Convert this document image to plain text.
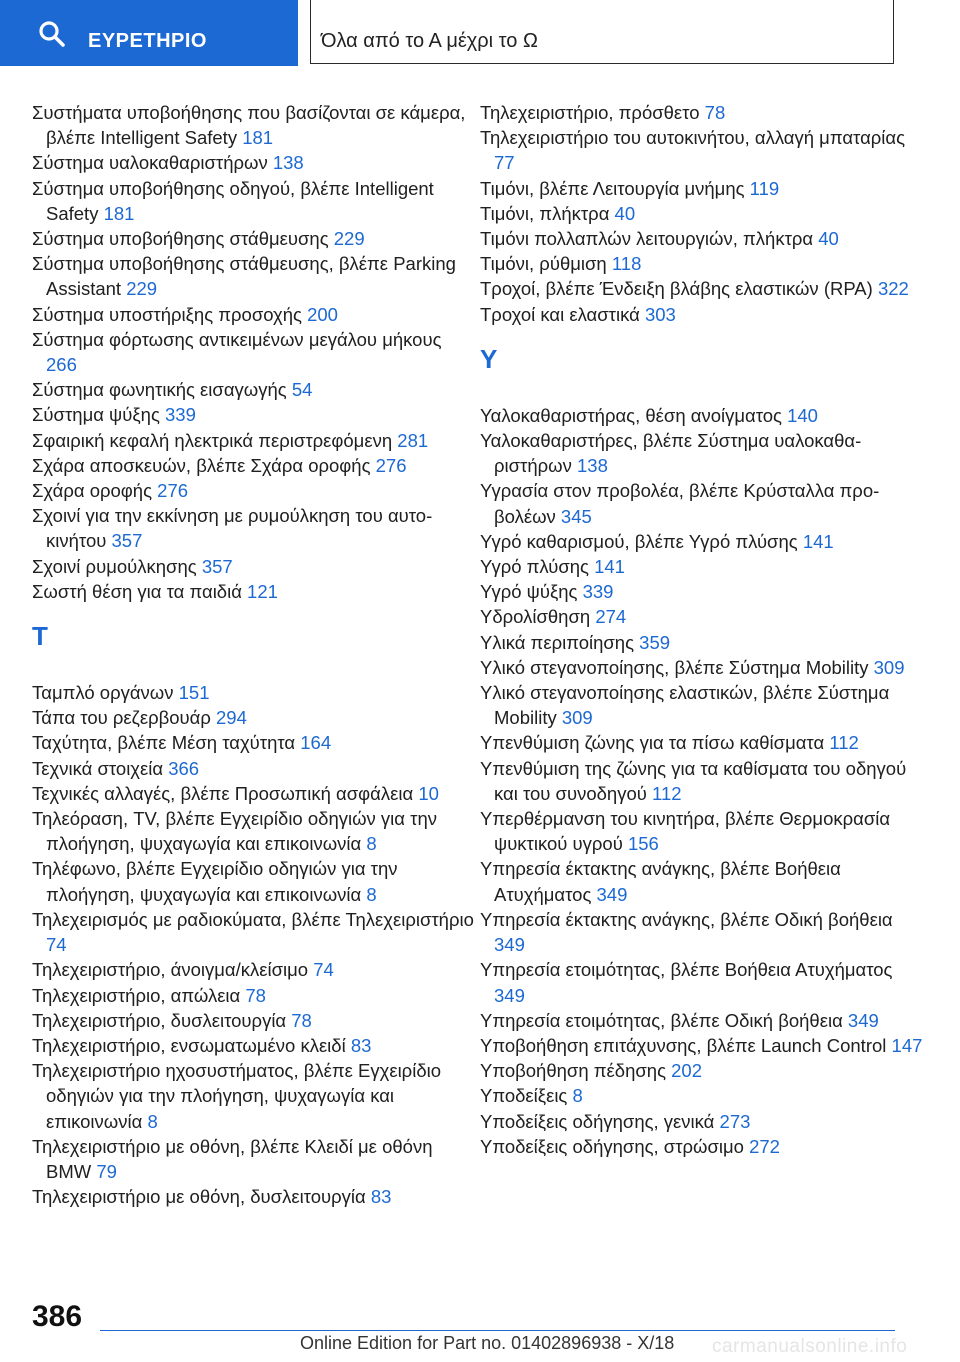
ΕΥΡΕΤΗΡΙΟ	Όλα από το Α μέχρι το Ω
Συστήματα υποβοήθησης που βασίζονται σε κάμερα, βλέπε Intelligent Safety 181
Σύστημα υαλοκαθαριστήρων 138
Σύστημα υποβοήθησης οδηγού, βλέπε Intelligent Safety 181
Σύστημα υποβοήθησης στάθμευσης 229
Σύστημα υποβοήθησης στάθμευσης, βλέπε Parking Assistant 229
Σύστημα υποστήριξης προσοχής 200
Σύστημα φόρτωσης αντικειμένων μεγάλου μήκους 266
Σύστημα φωνητικής εισαγωγής 54
Σύστημα ψύξης 339
Σφαιρική κεφαλή ηλεκτρικά περιστρεφόμενη 281
Σχάρα αποσκευών, βλέπε Σχάρα οροφής 276
Σχάρα οροφής 276
Σχοινί για την εκκίνηση με ρυμούλκηση του αυτοκινήτου 357
Σχοινί ρυμούλκησης 357
Σωστή θέση για τα παιδιά 121
Τ
Ταμπλό οργάνων 151
Τάπα του ρεζερβουάρ 294
Ταχύτητα, βλέπε Μέση ταχύτητα 164
Τεχνικά στοιχεία 366
Τεχνικές αλλαγές, βλέπε Προσωπική ασφάλεια 10
Τηλεόραση, TV, βλέπε Εγχειρίδιο οδηγιών για την πλοήγηση, ψυχαγωγία και επικοινωνία 8
Τηλέφωνο, βλέπε Εγχειρίδιο οδηγιών για την πλοήγηση, ψυχαγωγία και επικοινωνία 8
Τηλεχειρισμός με ραδιοκύματα, βλέπε Τηλεχειριστήριο 74
Τηλεχειριστήριο, άνοιγμα/κλείσιμο 74
Τηλεχειριστήριο, απώλεια 78
Τηλεχειριστήριο, δυσλειτουργία 78
Τηλεχειριστήριο, ενσωματωμένο κλειδί 83
Τηλεχειριστήριο ηχοσυστήματος, βλέπε Εγχειρίδιο οδηγιών για την πλοήγηση, ψυχαγωγία και επικοινωνία 8
Τηλεχειριστήριο με οθόνη, βλέπε Κλειδί με οθόνη BMW 79
Τηλεχειριστήριο με οθόνη, δυσλειτουργία 83
Τηλεχειριστήριο, πρόσθετο 78
Τηλεχειριστήριο του αυτοκινήτου, αλλαγή μπαταρίας 77
Τιμόνι, βλέπε Λειτουργία μνήμης 119
Τιμόνι, πλήκτρα 40
Τιμόνι πολλαπλών λειτουργιών, πλήκτρα 40
Τιμόνι, ρύθμιση 118
Τροχοί, βλέπε Ένδειξη βλάβης ελαστικών (RPA) 322
Τροχοί και ελαστικά 303
Υ
Υαλοκαθαριστήρας, θέση ανοίγματος 140
Υαλοκαθαριστήρες, βλέπε Σύστημα υαλοκαθαριστήρων 138
Υγρασία στον προβολέα, βλέπε Κρύσταλλα προβολέων 345
Υγρό καθαρισμού, βλέπε Υγρό πλύσης 141
Υγρό πλύσης 141
Υγρό ψύξης 339
Υδρολίσθηση 274
Υλικά περιποίησης 359
Υλικό στεγανοποίησης, βλέπε Σύστημα Mobility 309
Υλικό στεγανοποίησης ελαστικών, βλέπε Σύστημα Mobility 309
Υπενθύμιση ζώνης για τα πίσω καθίσματα 112
Υπενθύμιση της ζώνης για τα καθίσματα του οδηγού και του συνοδηγού 112
Υπερθέρμανση του κινητήρα, βλέπε Θερμοκρασία ψυκτικού υγρού 156
Υπηρεσία έκτακτης ανάγκης, βλέπε Βοήθεια Ατυχήματος 349
Υπηρεσία έκτακτης ανάγκης, βλέπε Οδική βοήθεια 349
Υπηρεσία ετοιμότητας, βλέπε Βοήθεια Ατυχήματος 349
Υπηρεσία ετοιμότητας, βλέπε Οδική βοήθεια 349
Υποβοήθηση επιτάχυνσης, βλέπε Launch Control 147
Υποβοήθηση πέδησης 202
Υποδείξεις 8
Υποδείξεις οδήγησης, γενικά 273
Υποδείξεις οδήγησης, στρώσιμο 272
386
Online Edition for Part no. 01402896938 - X/18 carmanualsonline.info
